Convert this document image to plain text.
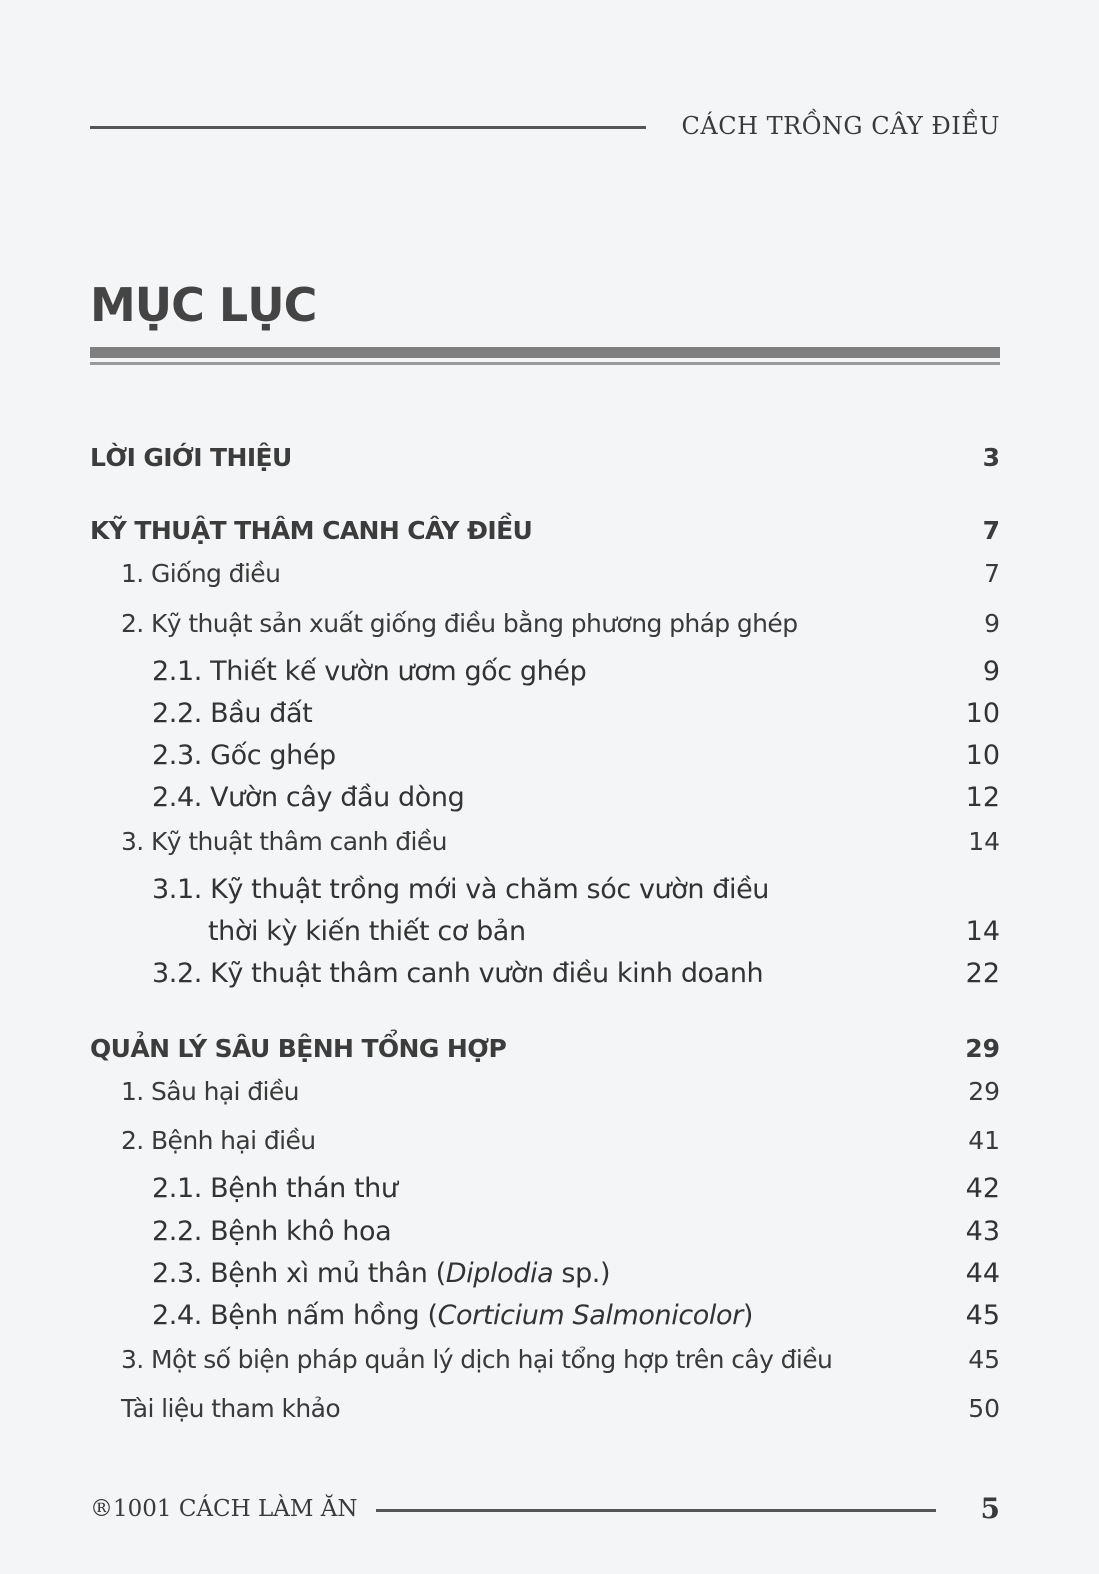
CÁCH TRỒNG CÂY ĐIỀU
MỤC LỤC
LỜI GIỚI THIỆU	3
KỸ THUẬT THÂM CANH CÂY ĐIỀU	7
1. Giống điều	7
2. Kỹ thuật sản xuất giống điều bằng phương pháp ghép	9
2.1. Thiết kế vườn ươm gốc ghép	9
2.2. Bầu đất	10
2.3. Gốc ghép	10
2.4. Vườn cây đầu dòng	12
3. Kỹ thuật thâm canh điều	14
3.1. Kỹ thuật trồng mới và chăm sóc vườn điều
thời kỳ kiến thiết cơ bản	14
3.2. Kỹ thuật thâm canh vườn điều kinh doanh	22
QUẢN LÝ SÂU BỆNH TỔNG HỢP	29
1. Sâu hại điều	29
2. Bệnh hại điều	41
2.1. Bệnh thán thư	42
2.2. Bệnh khô hoa	43
2.3. Bệnh xì mủ thân (Diplodia sp.)	44
2.4. Bệnh nấm hồng (Corticium Salmonicolor)	45
3. Một số biện pháp quản lý dịch hại tổng hợp trên cây điều	45
Tài liệu tham khảo	50
®1001 CÁCH LÀM ĂN	5
